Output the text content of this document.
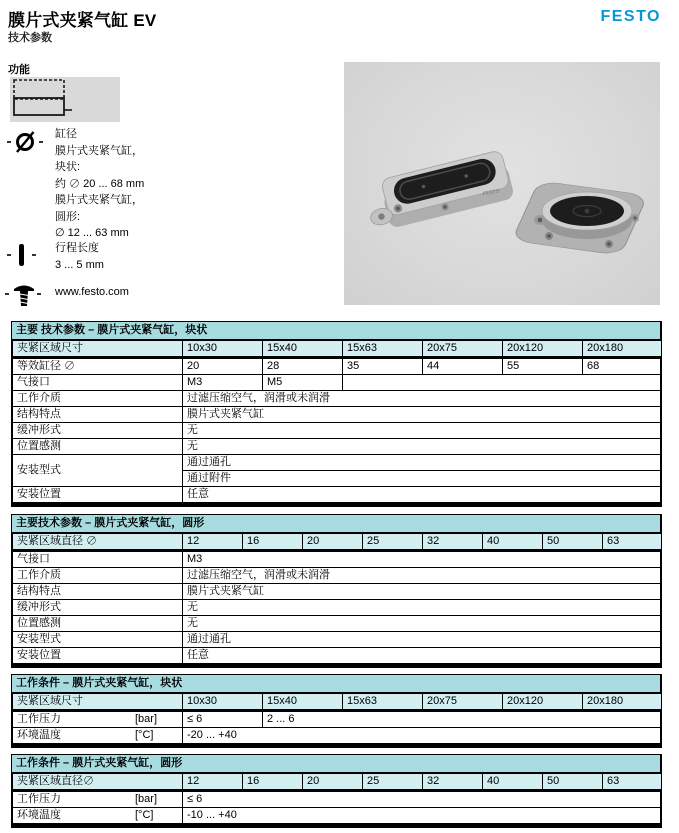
膜片式夹紧气缸 EV
技术参数
FESTO
功能
缸径
膜片式夹紧气缸，
块状:
约 ∅ 20 ... 68 mm
膜片式夹紧气缸，
圆形:
∅ 12 ... 63 mm
行程长度
3 ... 5 mm
www.festo.com
FESTO
主要 技术参数 – 膜片式夹紧气缸，块状
夹紧区域尺寸	10x30	15x40	15x63	20x75	20x120	20x180
等效缸径 ∅	20	28	35	44	55	68
气接口	M3	M5				
工作介质	过滤压缩空气，润滑或未润滑					
结构特点	膜片式夹紧气缸					
缓冲形式	无					
位置感测	无					
安装型式	通过通孔					
	通过附件					
安装位置	任意					
主要技术参数 – 膜片式夹紧气缸，圆形
夹紧区域直径 ∅	12	16	20	25	32	40	50	63
气接口	M3							
工作介质	过滤压缩空气，润滑或未润滑							
结构特点	膜片式夹紧气缸							
缓冲形式	无							
位置感测	无							
安装型式	通过通孔							
安装位置	任意							
工作条件 – 膜片式夹紧气缸，块状
夹紧区域尺寸	10x30	15x40	15x63	20x75	20x120	20x180
工作压力 [bar]	≤ 6	2 ... 6				
环境温度 [°C]	-20 ... +40					
工作条件 – 膜片式夹紧气缸，圆形
夹紧区域直径∅	12	16	20	25	32	40	50	63
工作压力 [bar]	≤ 6							
环境温度 [°C]	-10 ... +40							
